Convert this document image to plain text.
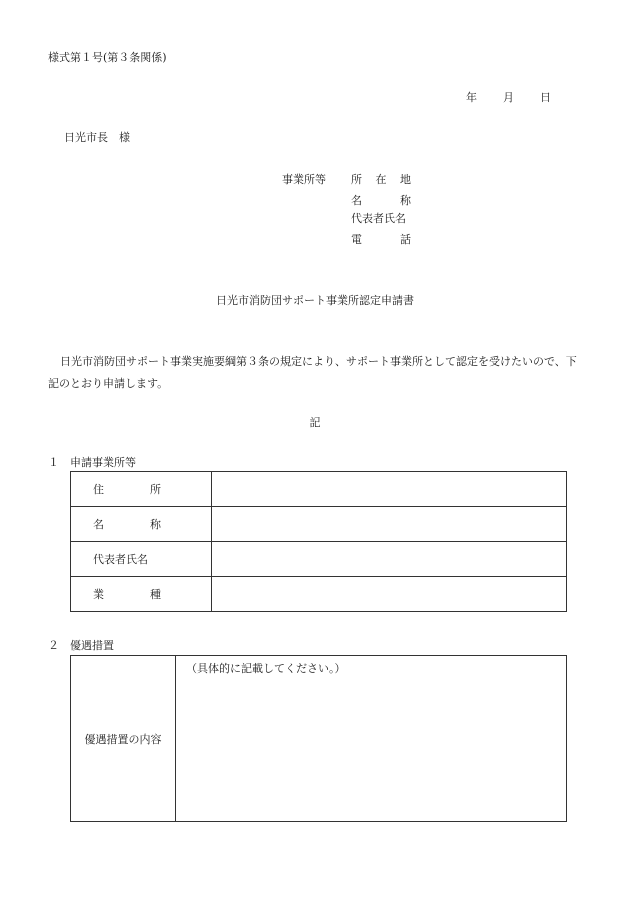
様式第１号(第３条関係)
年 月 日
日光市長　様
事業所等 所 在 地
名	称
代表者氏名
電	話
日光市消防団サポート事業所認定申請書
日光市消防団サポート事業実施要綱第３条の規定により、サポート事業所として認定を受けたいので、下記のとおり申請します。
記
１ 申請事業所等
住 所	

名 称	

代表者氏名	

業 種	

２ 優遇措置
優遇措置の内容	（具体的に記載してください。）
